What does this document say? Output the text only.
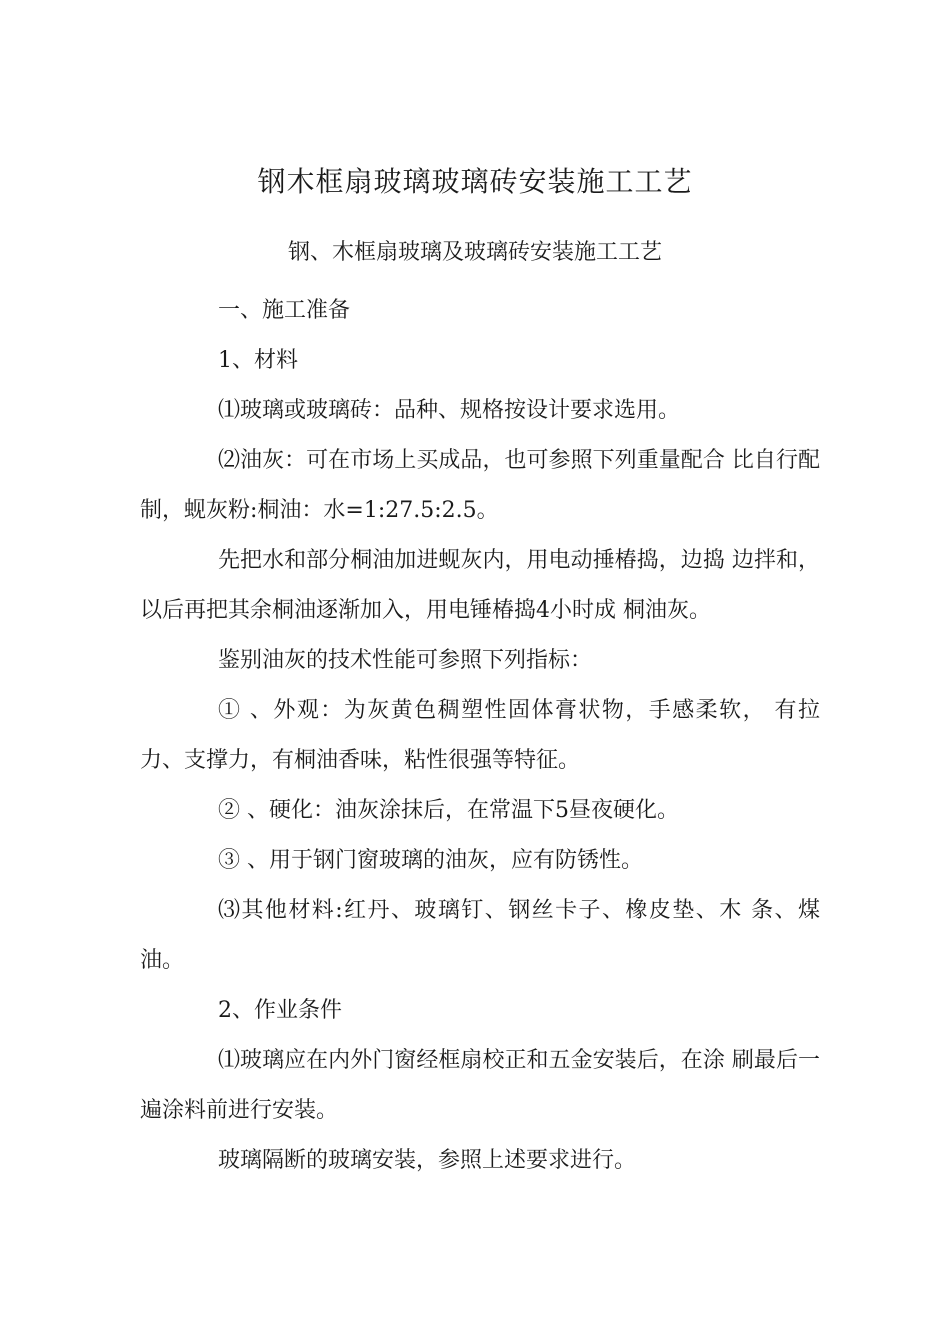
钢木框扇玻璃玻璃砖安装施工工艺
钢、木框扇玻璃及玻璃砖安装施工工艺

一、施工准备

1、材料

⑴玻璃或玻璃砖：品种、规格按设计要求选用。

⑵油灰：可在市场上买成品，也可参照下列重量配合 比自行配制，蚬灰粉:桐油：水=1:27.5:2.5。

先把水和部分桐油加进蚬灰内，用电动捶椿捣，边捣 边拌和，以后再把其余桐油逐渐加入，用电锤椿捣4小时成 桐油灰。

鉴别油灰的技术性能可参照下列指标：

① 、外观：为灰黄色稠塑性固体膏状物，手感柔软， 有拉力、支撑力，有桐油香味，粘性很强等特征。

② 、硬化：油灰涂抹后，在常温下5昼夜硬化。

③ 、用于钢门窗玻璃的油灰，应有防锈性。

⑶其他材料:红丹、玻璃钉、钢丝卡子、橡皮垫、木 条、煤油。

2、作业条件

⑴玻璃应在内外门窗经框扇校正和五金安装后，在涂 刷最后一遍涂料前进行安装。

玻璃隔断的玻璃安装，参照上述要求进行。
